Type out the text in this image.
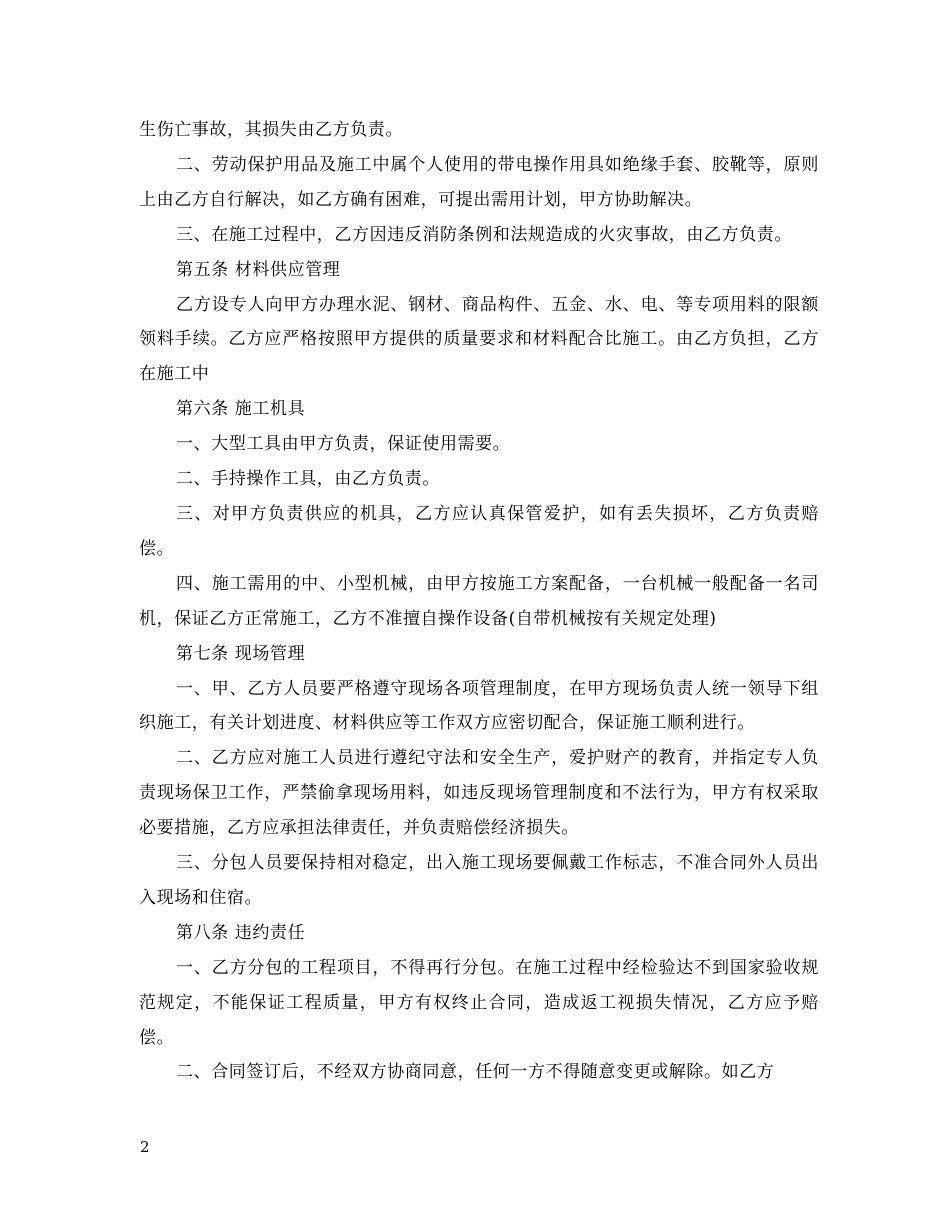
生伤亡事故，其损失由乙方负责。

二、劳动保护用品及施工中属个人使用的带电操作用具如绝缘手套、胶靴等，原则上由乙方自行解决，如乙方确有困难，可提出需用计划，甲方协助解决。

三、在施工过程中，乙方因违反消防条例和法规造成的火灾事故，由乙方负责。

第五条 材料供应管理

乙方设专人向甲方办理水泥、钢材、商品构件、五金、水、电、等专项用料的限额领料手续。乙方应严格按照甲方提供的质量要求和材料配合比施工。由乙方负担，乙方在施工中

第六条 施工机具

一、大型工具由甲方负责，保证使用需要。

二、手持操作工具，由乙方负责。

三、对甲方负责供应的机具，乙方应认真保管爱护，如有丢失损坏，乙方负责赔偿。

四、施工需用的中、小型机械，由甲方按施工方案配备，一台机械一般配备一名司机，保证乙方正常施工，乙方不准擅自操作设备(自带机械按有关规定处理)

第七条 现场管理

一、甲、乙方人员要严格遵守现场各项管理制度，在甲方现场负责人统一领导下组织施工，有关计划进度、材料供应等工作双方应密切配合，保证施工顺利进行。

二、乙方应对施工人员进行遵纪守法和安全生产，爱护财产的教育，并指定专人负责现场保卫工作，严禁偷拿现场用料，如违反现场管理制度和不法行为，甲方有权采取必要措施，乙方应承担法律责任，并负责赔偿经济损失。

三、分包人员要保持相对稳定，出入施工现场要佩戴工作标志，不准合同外人员出入现场和住宿。

第八条 违约责任

一、乙方分包的工程项目，不得再行分包。在施工过程中经检验达不到国家验收规范规定，不能保证工程质量，甲方有权终止合同，造成返工视损失情况，乙方应予赔偿。

二、合同签订后，不经双方协商同意，任何一方不得随意变更或解除。如乙方

2
